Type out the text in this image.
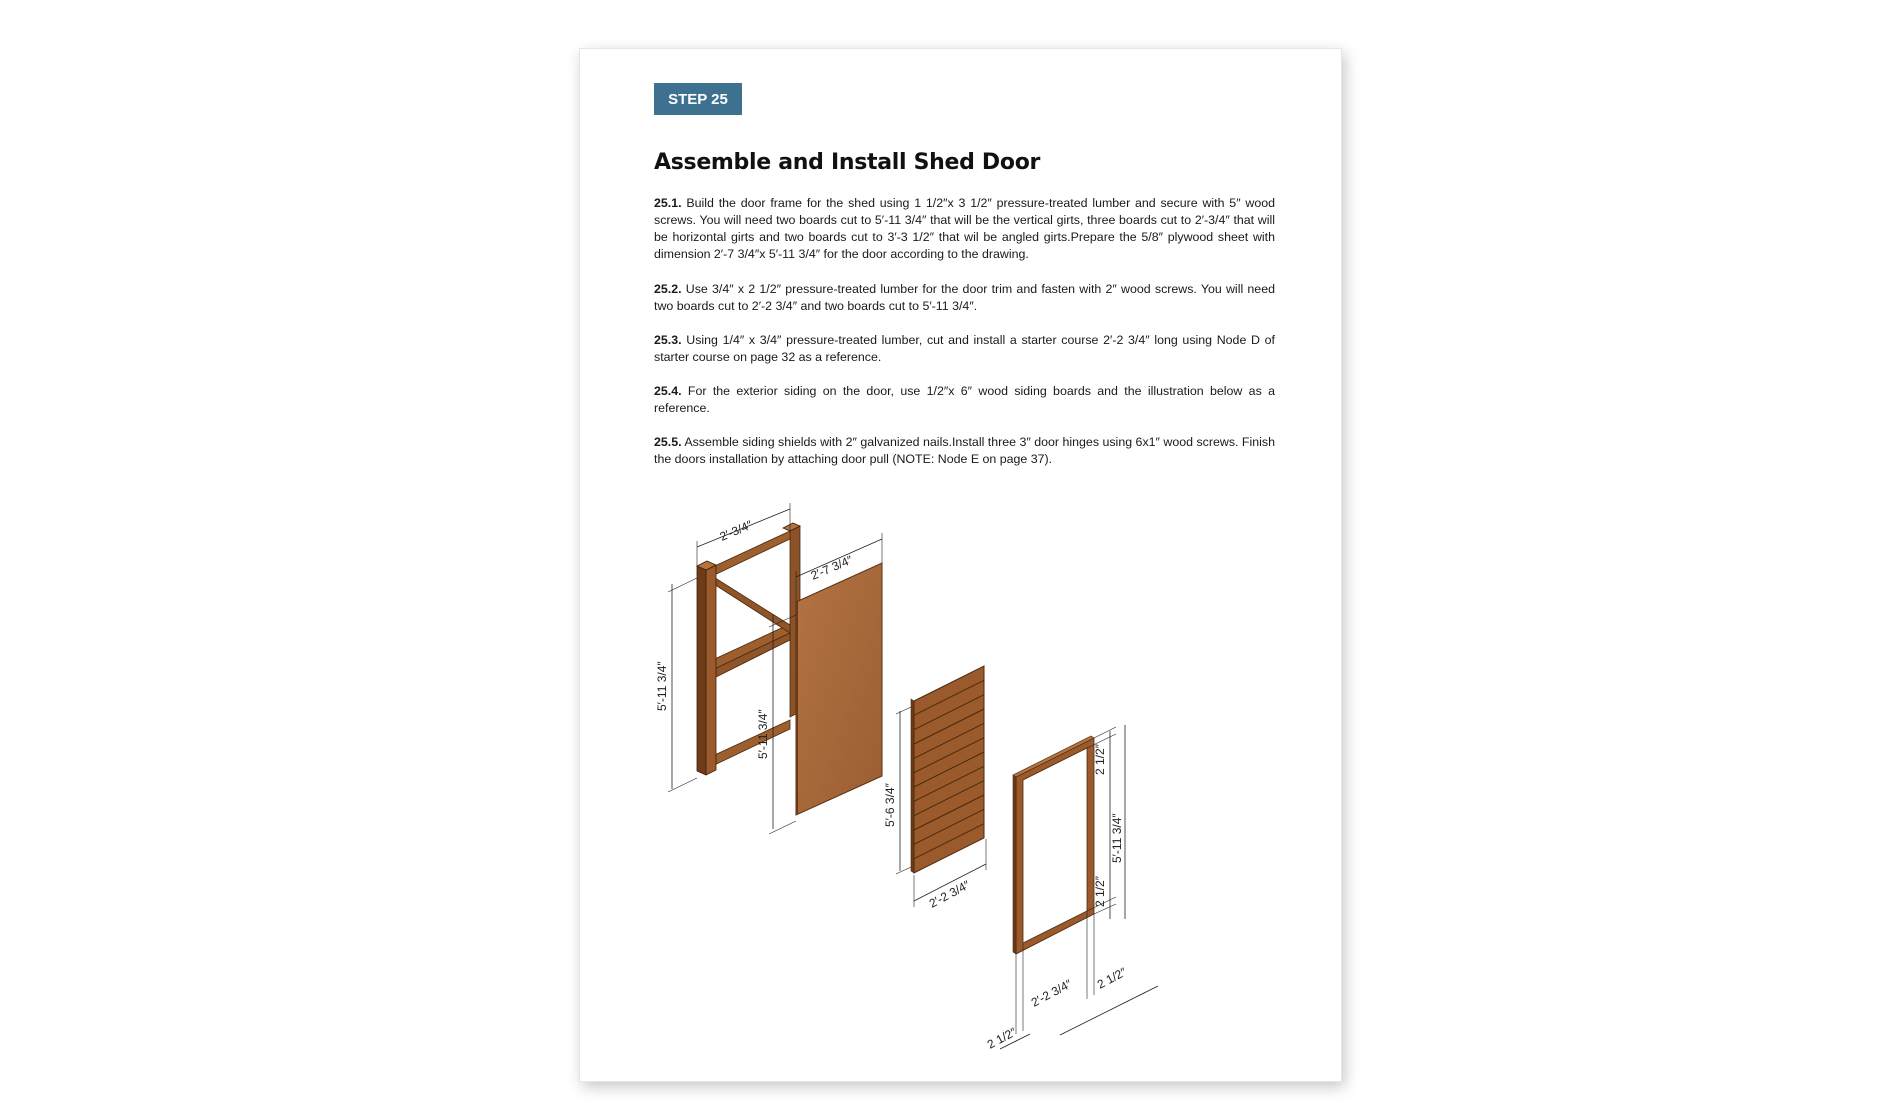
STEP 25
Assemble and Install Shed Door

25.1. Build the door frame for the shed using 1 1/2″x 3 1/2″ pressure-treated lumber and secure with 5″ wood screws. You will need two boards cut to 5′-11 3/4″ that will be the vertical girts, three boards cut to 2′-3/4″ that will be horizontal girts and two boards cut to 3′-3 1/2″ that wil be angled girts.Prepare the 5/8″ plywood sheet with dimension 2′-7 3/4″x 5′-11 3/4″ for the door according to the drawing.

25.2. Use 3/4″ x 2 1/2″ pressure-treated lumber for the door trim and fasten with 2″ wood screws. You will need two boards cut to 2′-2 3/4″ and two boards cut to 5′-11 3/4″.

25.3. Using 1/4″ x 3/4″ pressure-treated lumber, cut and install a starter course 2′-2 3/4″ long using Node D of starter course on page 32 as a reference.

25.4. For the exterior siding on the door, use 1/2″x 6″ wood siding boards and the illustration below as a reference.

25.5. Assemble siding shields with 2″ galvanized nails.Install three 3″ door hinges using 6x1″ wood screws. Finish the doors installation by attaching door pull (NOTE: Node E on page 37).

2′-3/4″
5′-11 3/4″
2′-7 3/4″
5′-11 3/4″
5′-6 3/4″
2′-2 3/4″
2 1/2″
2 1/2″
5′-11 3/4″
2′-2 3/4″
2 1/2″
2 1/2″
